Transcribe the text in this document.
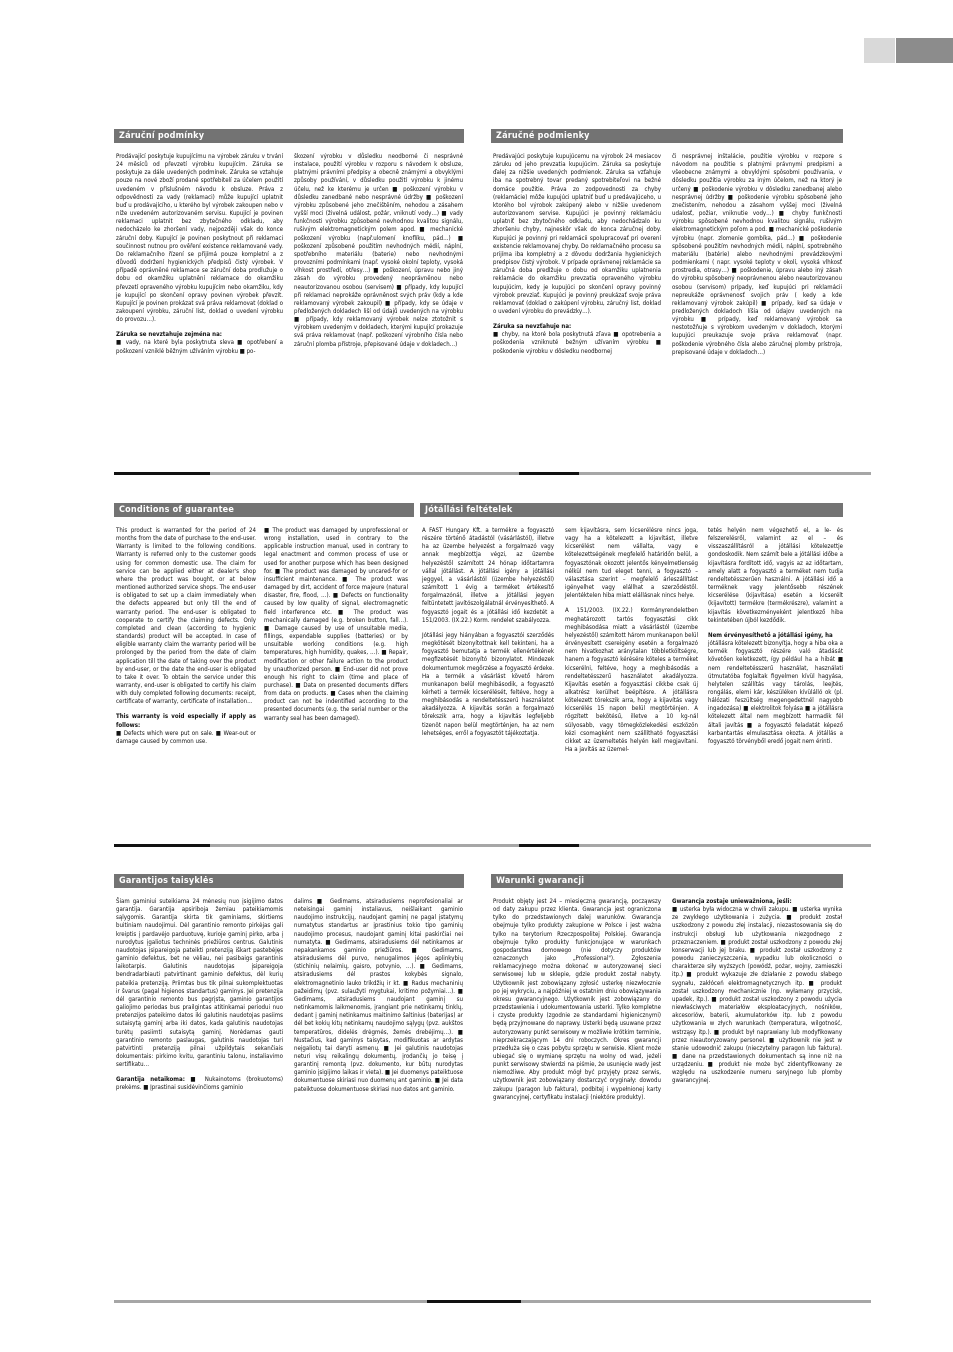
Záruční podmínky

Prodávající poskytuje kupujícímu na výrobek záruku v trvání 24 měsíců od převzetí výrobku kupujícím. Záruka se poskytuje za dále uvedených podmínek. Záruka se vztahuje pouze na nové zboží prodané spotřebitelí za účelem použití uvedeném v příslušném návodu k obsluze. Práva z odpovědnosti za vady (reklamaci) může kupující uplatnit buď u prodávajícího, u kterého byl výrobek zakoupen nebo v níže uvedeném autorizovaném servisu. Kupující je povinen reklamaci uplatnit bez zbytečného odkladu, aby nedocházelo ke zhoršení vady, nejpozději však do konce záruční doby. Kupující je povinen poskytnout při reklamaci součinnost nutnou pro ověření existence reklamované vady. Do reklamačního řízení se přijímá pouze kompletní a z důvodů dodržení hygienických předpisů čistý výrobek. V případě oprávněné reklamace se záruční doba prodlužuje o dobu od okamžiku uplatnění reklamace do okamžiku převzetí opraveného výrobku kupujícím nebo okamžiku, kdy je kupující po skončení opravy povinen výrobek převzít. Kupující je povinen prokázat svá práva reklamovat (doklad o zakoupení výrobku, záruční list, doklad o uvedení výrobku do provozu…).

Záruka se nevztahuje zejména na:

■ vady, na které byla poskytnuta sleva ■ opotřebení a poškození vzniklé běžným užíváním výrobku ■ po-

škození výrobku v důsledku neodborné či nesprávné instalace, použití výrobku v rozporu s návodem k obsluze, platnými právními předpisy a obecně známými a obvyklými způsoby používání, v důsledku použití výrobku k jinému účelu, než ke kterému je určen ■ poškození výrobku v důsledku zanedbané nebo nesprávné údržby ■ poškození výrobku způsobené jeho znečištěním, nehodou a zásahem vyšší moci (živelná událost, požár, vniknutí vody…) ■ vady funkčnosti výrobku způsobené nevhodnou kvalitou signálu, rušivým elektromagnetickým polem apod. ■ mechanické poškození výrobku (např.ulomení knoflíku, pád…) ■ poškození způsobené použitím nevhodných médií, náplní, spotřebního materiálu (baterie) nebo nevhodnými provozními podmínkami (např. vysoké okolní teploty, vysoká vlhkost prostředí, otřesy…) ■ poškození, úpravu nebo jiný zásah do výrobku provedený neoprávněnou nebo neautorizovanou osobou (servisem) ■ případy, kdy kupující při reklamaci neprokáže oprávněnost svých práv (kdy a kde reklamovaný výrobek zakoupil) ■ případy, kdy se údaje v předložených dokladech liší od údajů uvedených na výrobku ■ případy, kdy reklamovaný výrobek nelze ztotožnit s výrobkem uvedeným v dokladech, kterými kupující prokazuje svá práva reklamovat (např. poškození výrobního čísla nebo záruční plomba přístroje, přepisované údaje v dokladech…)

Záručné podmienky

Predávajúci poskytuje kupujúcemu na výrobok 24 mesiacov záruku od jeho prevzatia kupujúcim. Záruka sa poskytuje ďalej za nižšie uvedených podmienok. Záruka sa vzťahuje iba na spotrebný tovar predaný spotrebiteľovi na bežné domáce použitie. Práva zo zodpovednosti za chyby (reklamácie) môže kupujúci uplatniť buď u predávajúceho, u ktorého bol výrobok zakúpený alebo v nižšie uvedenom autorizovanom servise. Kupujúci je povinný reklamáciu uplatniť bez zbytočného odkladu, aby nedochádzalo ku zhoršeniu chyby, najneskôr však do konca záručnej doby. Kupujúci je povinný pri reklamácii spolupracovať pri overení existencie reklamovanej chyby. Do reklamačného procesu sa prijíma iba kompletný a z dôvodu dodržania hygienických predpisov čistý výrobok. V prípade oprávnenej reklamácie sa záručná doba predlžuje o dobu od okamžiku uplatnenia reklamácie do okamžiku prevzatia opraveného výrobku kupujúcim, kedy je kupujúci po skončení opravy povinný výrobok prevziať. Kupujúci je povinný preukázať svoje práva reklamovať (doklad o zakúpení výrobku, záručný list, doklad o uvedení výrobku do prevádzky…).

Záruka sa nevzťahuje na:

■ chyby, na ktoré bola poskytnutá zľava ■ opotrebenia a poškodenia vzniknuté bežným užívaním výrobku ■ poškodenie výrobku v dôsledku neodbornej

či nesprávnej inštalácie, použitie výrobku v rozpore s návodom na použitie s platnými právnymi predpismi a všeobecne známymi a obvyklými spôsobmi používania, v dôsledku použitia výrobku za iným účelom, než na ktorý je určený ■ poškodenie výrobku v dôsledku zanedbanej alebo nesprávnej údržby ■ poškodenie výrobku spôsobené jeho znečistením, nehodou a zásahom vyššej moci (živelná udalosť, požiar, vniknutie vody…) ■ chyby funkčnosti výrobku spôsobené nevhodnou kvalitou signálu, rušivým elektromagnetickým poľom a pod. ■ mechanické poškodenie výrobku (napr. zlomenie gombíka, pád…) ■ poškodenie spôsobené použitím nevhodných médií, náplní, spotrebného materiálu (batérie) alebo nevhodnými prevádzkovými podmienkami ( napr. vysoké teploty v okolí, vysoká vlhkosť prostredia, otrasy…) ■ poškodenie, úpravu alebo iný zásah do výrobku spôsobený neoprávnenou alebo neautorizovanou osobou (servisom) prípady, keď kupujúci pri reklamácii nepreukáže oprávnenosť svojich práv ( kedy a kde reklamovaný výrobok zakúpil) ■ prípady, keď sa údaje v predložených dokladoch líšia od údajov uvedených na výrobku ■ prípady, keď reklamovaný výrobok sa nestotožňuje s výrobkom uvedeným v dokladoch, ktorými kupujúci preukazuje svoje práva reklamovať (napr. poškodenie výrobného čísla alebo záručnej plomby prístroja, prepisované údaje v dokladoch…)

Conditions of guarantee

This product is warranted for the period of 24 months from the date of purchase to the end-user. Warranty is limited to the following conditions. Warranty is referred only to the customer goods using for common domestic use. The claim for service can be applied either at dealer's shop where the product was bought, or at below mentioned authorized service shops. The end-user is obligated to set up a claim immediately when the defects appeared but only till the end of warranty period. The end-user is obligated to cooperate to certify the claiming defects. Only completed and clean (according to hygienic standards) product will be accepted. In case of eligible warranty claim the warranty period will be prolonged by the period from the date of claim application till the date of taking over the product by end-user, or the date the end-user is obligated to take it over. To obtain the service under this warranty, end-user is obligated to certify his claim with duly completed following documents: receipt, certificate of warranty, certificate of installation…

This warranty is void especially if apply as follows:

■ Defects which were put on sale. ■ Wear-out or damage caused by common use.

■ The product was damaged by unprofessional or wrong installation, used in contrary to the applicable instruction manual, used in contrary to legal enactment and common process of use or used for another purpose which has been designed for. ■ The product was damaged by uncared-for or insufficient maintenance. ■ The product was damaged by dirt, accident of force majeure (natural disaster, fire, flood, …). ■ Defects on functionality caused by low quality of signal, electromagnetic field interference etc. ■ The product was mechanically damaged (e.g. broken button, fall…). ■ Damage caused by use of unsuitable media, fillings, expendable supplies (batteries) or by unsuitable working conditions (e.g. high temperatures, high humidity, quakes, …). ■ Repair, modification or other failure action to the product by unauthorized person. ■ End-user did not prove enough his right to claim (time and place of purchase). ■ Data on presented documents differs from data on products. ■ Cases when the claiming product can not be indentified according to the presented documents (e.g. the serial number or the warranty seal has been damaged).

Jótállási feltételek

A FAST Hungary Kft. a termékre a fogyasztó részére történő átadástól (vásárlástól), illetve ha az üzembe helyezést a forgalmazó vagy annak megbízottja végzi, az üzembe helyezéstől számított 24 hónap időtartamra vállal jótállást. A jótállási igény a jótállási jeggyel, a vásárlástól (üzembe helyezéstől) számított 1 évig a terméket értékesítő forgalmazónál, illetve a jótállási jegyen feltüntetett javítószolgálatnál érvényesíthető. A fogyasztó jogait és a jótállási idő kezdetét a 151/2003. (IX.22.) Korm. rendelet szabályozza.

Jótállási jegy hiányában a fogyasztói szerződés megkötését bizonyítottnak kell tekinteni, ha a fogyasztó bemutatja a termék ellenértékének megfizetését bizonyító bizonylatot. Mindezek dokumentumok megőrzése a fogyasztó érdeke. Ha a termék a vásárlást követő három munkanapon belül meghibásodik, a fogyasztó kérheti a termék kicserélését, feltéve, hogy a meghibásodás a rendeltetésszerű használatot akadályozza. A kijavítás során a forgalmazó törekszik arra, hogy a kijavítás legfeljebb tizenöt napon belül megtörténjen, ha az nem lehetséges, erről a fogyasztót tájékoztatja.

sem kijavításra, sem kicserélésre nincs joga, vagy ha a kötelezett a kijavítást, illetve kicserélést nem vállalta, vagy e kötelezettségének megfelelő határidőn belül, a fogyasztónak okozott jelentős kényelmetlenség nélkül nem tud eleget tenni, a fogyasztó – választása szerint – megfelelő árleszállítást igényelhet vagy elállhat a szerződéstől. Jelentéktelen hiba miatt elállásnak nincs helye.

A 151/2003. (IX.22.) Kormányrendeletben meghatározott tartós fogyasztási cikk meghibásodása miatt a vásárlástól (üzembe helyezéstől) számított három munkanapon belül érvényesített csereigény esetén a forgalmazó nem hivatkozhat aránytalan többletköltségre, hanem a fogyasztó kérésére köteles a terméket kicserélni, feltéve, hogy a meghibásodás a rendeltetésszerű használatot akadályozza. Kijavítás esetén a fogyasztási cikkbe csak új alkatrész kerülhet beépítésre. A jótállásra kötelezett törekszik arra, hogy a kijavítás vagy kicserélés 15 napon belül megtörténjen. A rögzített bekötésű, illetve a 10 kg-nál súlyosabb, vagy tömegközlekedési eszközön kézi csomagként nem szállítható fogyasztási cikket az üzemeltetés helyén kell megjavítani. Ha a javítás az üzemel-

tetés helyén nem végezhető el, a le- és felszerelésről, valamint az el – és visszaszállításról a jótállási kötelezettje gondoskodik. Nem számít bele a jótállási időbe a kijavításra fordított idő, vagyis az az időtartam, amely alatt a fogyasztó a terméket nem tudja rendeltetésszerűen használni. A jótállási idő a terméknek vagy jelentősebb részének kicserélése (kijavítása) esetén a kicserélt (kijavított) termékre (termékrészre), valamint a kijavítás következményeként jelentkező hiba tekintetében újból kezdődik.

Nem érvényesíthető a jótállási igény, ha

jótállásra kötelezett bizonyítja, hogy a hiba oka a termék fogyasztó részére való átadását követően keletkezett, így például ha a hibát ■ nem rendeltetésszerű használat, használati útmutatóba foglaltak figyelmen kívül hagyása, helytelen szállítás vagy tárolás, leejtés, rongálás, elemi kár, készüléken kívülálló ok (pl. hálózati feszültség megengedettnél nagyobb ingadozása) ■ elektrolitok folyása ■ a jótállásra kötelezett által nem megbízott harmadik fél általi javítás ■ a fogyasztó feladatát képező karbantartás elmulasztása okozta. A jótállás a fogyasztó törvényből eredő jogait nem érinti.

Garantijos taisyklės

Šiam gaminiui suteikiama 24 mėnesių nuo įsigijimo datos garantija. Garantija apsiriboja žemiau pateikiamomis sąlygomis. Garantija skirta tik gaminiams, skirtiems buitiniam naudojimui. Dėl garantinio remonto pirkėjas gali kreiptis į pardavėjo parduotuvę, kurioje gaminį pirko, arba į nurodytus įgaliotus techninės priežiūros centrus. Galutinis naudotojas įsipareigoja pateikti pretenziją iškart pastebėjęs gaminio defektus, bet ne vėliau, nei pasibaigs garantinis laikotarpis. Galutinis naudotojas įsipareigoja bendradarbiauti patvirtinant gaminio defektus, dėl kurių pateikia pretenziją. Priimtas bus tik pilnai sukomplektuotas ir švarus (pagal higienos standartus) gaminys. Jei pretenzija dėl garantinio remonto bus pagrįsta, gaminio garantijos galiojimo periodas bus prailgintas atitinkamai periodui nuo pretenzijos pateikimo datos iki galutinis naudotojas pasiims sutaisytą gaminį arba iki datos, kada galutinis naudotojas turėtų pasiimti sutaisytą gaminį. Norėdamas gauti garantinio remonto paslaugas, galutinis naudotojas turi patvirtinti pretenziją pilnai užpildytais sekančiais dokumentais: pirkimo kvitu, garantiniu talonu, instaliavimo sertifikatu…

Garantija netaikoma: ■ Nukainotoms (brokuotoms) prekėms. ■ Įprastinai susidėvinčioms gaminio

dalims ■ Gedimams, atsiradusiems neprofesionaliai ar neteisingai gaminį instaliavus, neišlaikant gaminio naudojimo instrukcijų, naudojant gaminį ne pagal įstatymų numatytus standartus ar įprastinius tokio tipo gaminių naudojimo procesus, naudojant gaminį kitai paskirčiai nei numatyta. ■ Gedimams, atsiradusiems dėl netinkamos ar nepakankamos gaminio priežiūros. ■ Gedimams, atsiradusiems dėl purvo, nenugalimos jėgos aplinkybių (stichinių nelaimių, gaisro, potvynio, …). ■ Gedimams, atsiradusiems dėl prastos kokybės signalo, elektromagnetinio lauko trikdžių ir kt. ■ Radus mechaninių pažeidimų (pvz. sulaužyti mygtukai, kritimo požymiai…). ■ Gedimams, atsiradusiems naudojant gaminį su netinkamomis laikmenomis, įrangiant prie netinkamų tinklų, dedant į gaminį netinkamus maitinimo šaltinius (baterijas) ar dėl bet kokių kitų netinkamų naudojimo sąlygų (pvz. aukštos temperatūros, didelės drėgmės, žemės drebėjimų…). ■ Nustačius, kad gaminys taisytas, modifikuotas ar ardytas neįgaliotų tai daryti asmenų. ■ Jei galutinis naudotojas neturi visų reikalingų dokumentų, įrodančių jo teisę į garantinį remontą (pvz. dokumento, kur būtų nurodytas gaminio įsigijimo laikas ir vieta). ■ Jei duomenys pateiktuose dokumentuose skiriasi nuo duomenų ant gaminio. ■ Jei data pateiktuose dokumentuose skiriasi nuo datos ant gaminio.

Warunki gwarancji

Produkt objęty jest 24 – miesięczną gwarancją, począwszy od daty zakupu przez klienta. Gwarancja jest ograniczona tylko do przedstawionych dalej warunków. Gwarancja obejmuje tylko produkty zakupione w Polsce i jest ważna tylko na terytorium Rzeczpospolitej Polskiej. Gwarancja obejmuje tylko produkty funkcjonujące w warunkach gospodarstwa domowego (nie dotyczy produktów oznaczonych jako „Professional"). Zgłoszenia reklamacyjnego można dokonać w autoryzowanej sieci serwisowej lub w sklepie, gdzie produkt został nabyty. Użytkownik jest zobowiązany zgłosić usterkę niezwłocznie po jej wykryciu, a najpóźniej w ostatnim dniu obowiązywania okresu gwarancyjnego. Użytkownik jest zobowiązany do przedstawienia i udokumentowania usterki. Tylko kompletne i czyste produkty (zgodnie ze standardami higienicznymi) będą przyjmowane do naprawy. Usterki będą usuwane przez autoryzowany punkt serwisowy w możliwie krótkim terminie, nieprzekraczającym 14 dni roboczych. Okres gwarancji przedłuża się o czas pobytu sprzętu w serwisie. Klient może ubiegać się o wymianę sprzętu na wolny od wad, jeżeli punkt serwisowy stwierdzi na piśmie, że usunięcie wady jest niemożliwe. Aby produkt mógł być przyjęty przez serwis, użytkownik jest zobowiązany dostarczyć oryginały: dowodu zakupu (paragon lub faktura), podbitej i wypełnionej karty gwarancyjnej, certyfikatu instalacji (niektóre produkty).

Gwarancja zostaje unieważniona, jeśli:

■ usterka była widoczna w chwili zakupu. ■ usterka wynika ze zwykłego użytkowania i zużycia. ■ produkt został uszkodzony z powodu złej instalacji, niezastosowania się do instrukcji obsługi lub użytkowania niezgodnego z przeznaczeniem. ■ produkt został uszkodzony z powodu złej konserwacji lub jej braku. ■ produkt został uszkodzony z powodu zanieczyszczenia, wypadku lub okoliczności o charakterze siły wyższych (powódź, pożar, wojny, zamieszki itp.) ■ produkt wykazuje złe działanie z powodu słabego sygnału, zakłóceń elektromagnetycznych itp. ■ produkt został uszkodzony mechanicznie (np. wyłamany przycisk, upadek, itp.). ■ produkt został uszkodzony z powodu użycia niewłaściwych materiałów eksploatacyjnych, nośników, akcesoriów, baterii, akumulatorków itp. lub z powodu użytkowania w złych warunkach (temperatura, wilgotność, wstrząsy itp.). ■ produkt był naprawiany lub modyfikowany przez nieautoryzowany personel. ■ użytkownik nie jest w stanie udowodnić zakupu (nieczytelny paragon lub faktura). ■ dane na przedstawionych dokumentach są inne niż na urządzeniu. ■ produkt nie może być zidentyfikowany ze względu na uszkodzenie numeru seryjnego lub plomby gwarancyjnej.
